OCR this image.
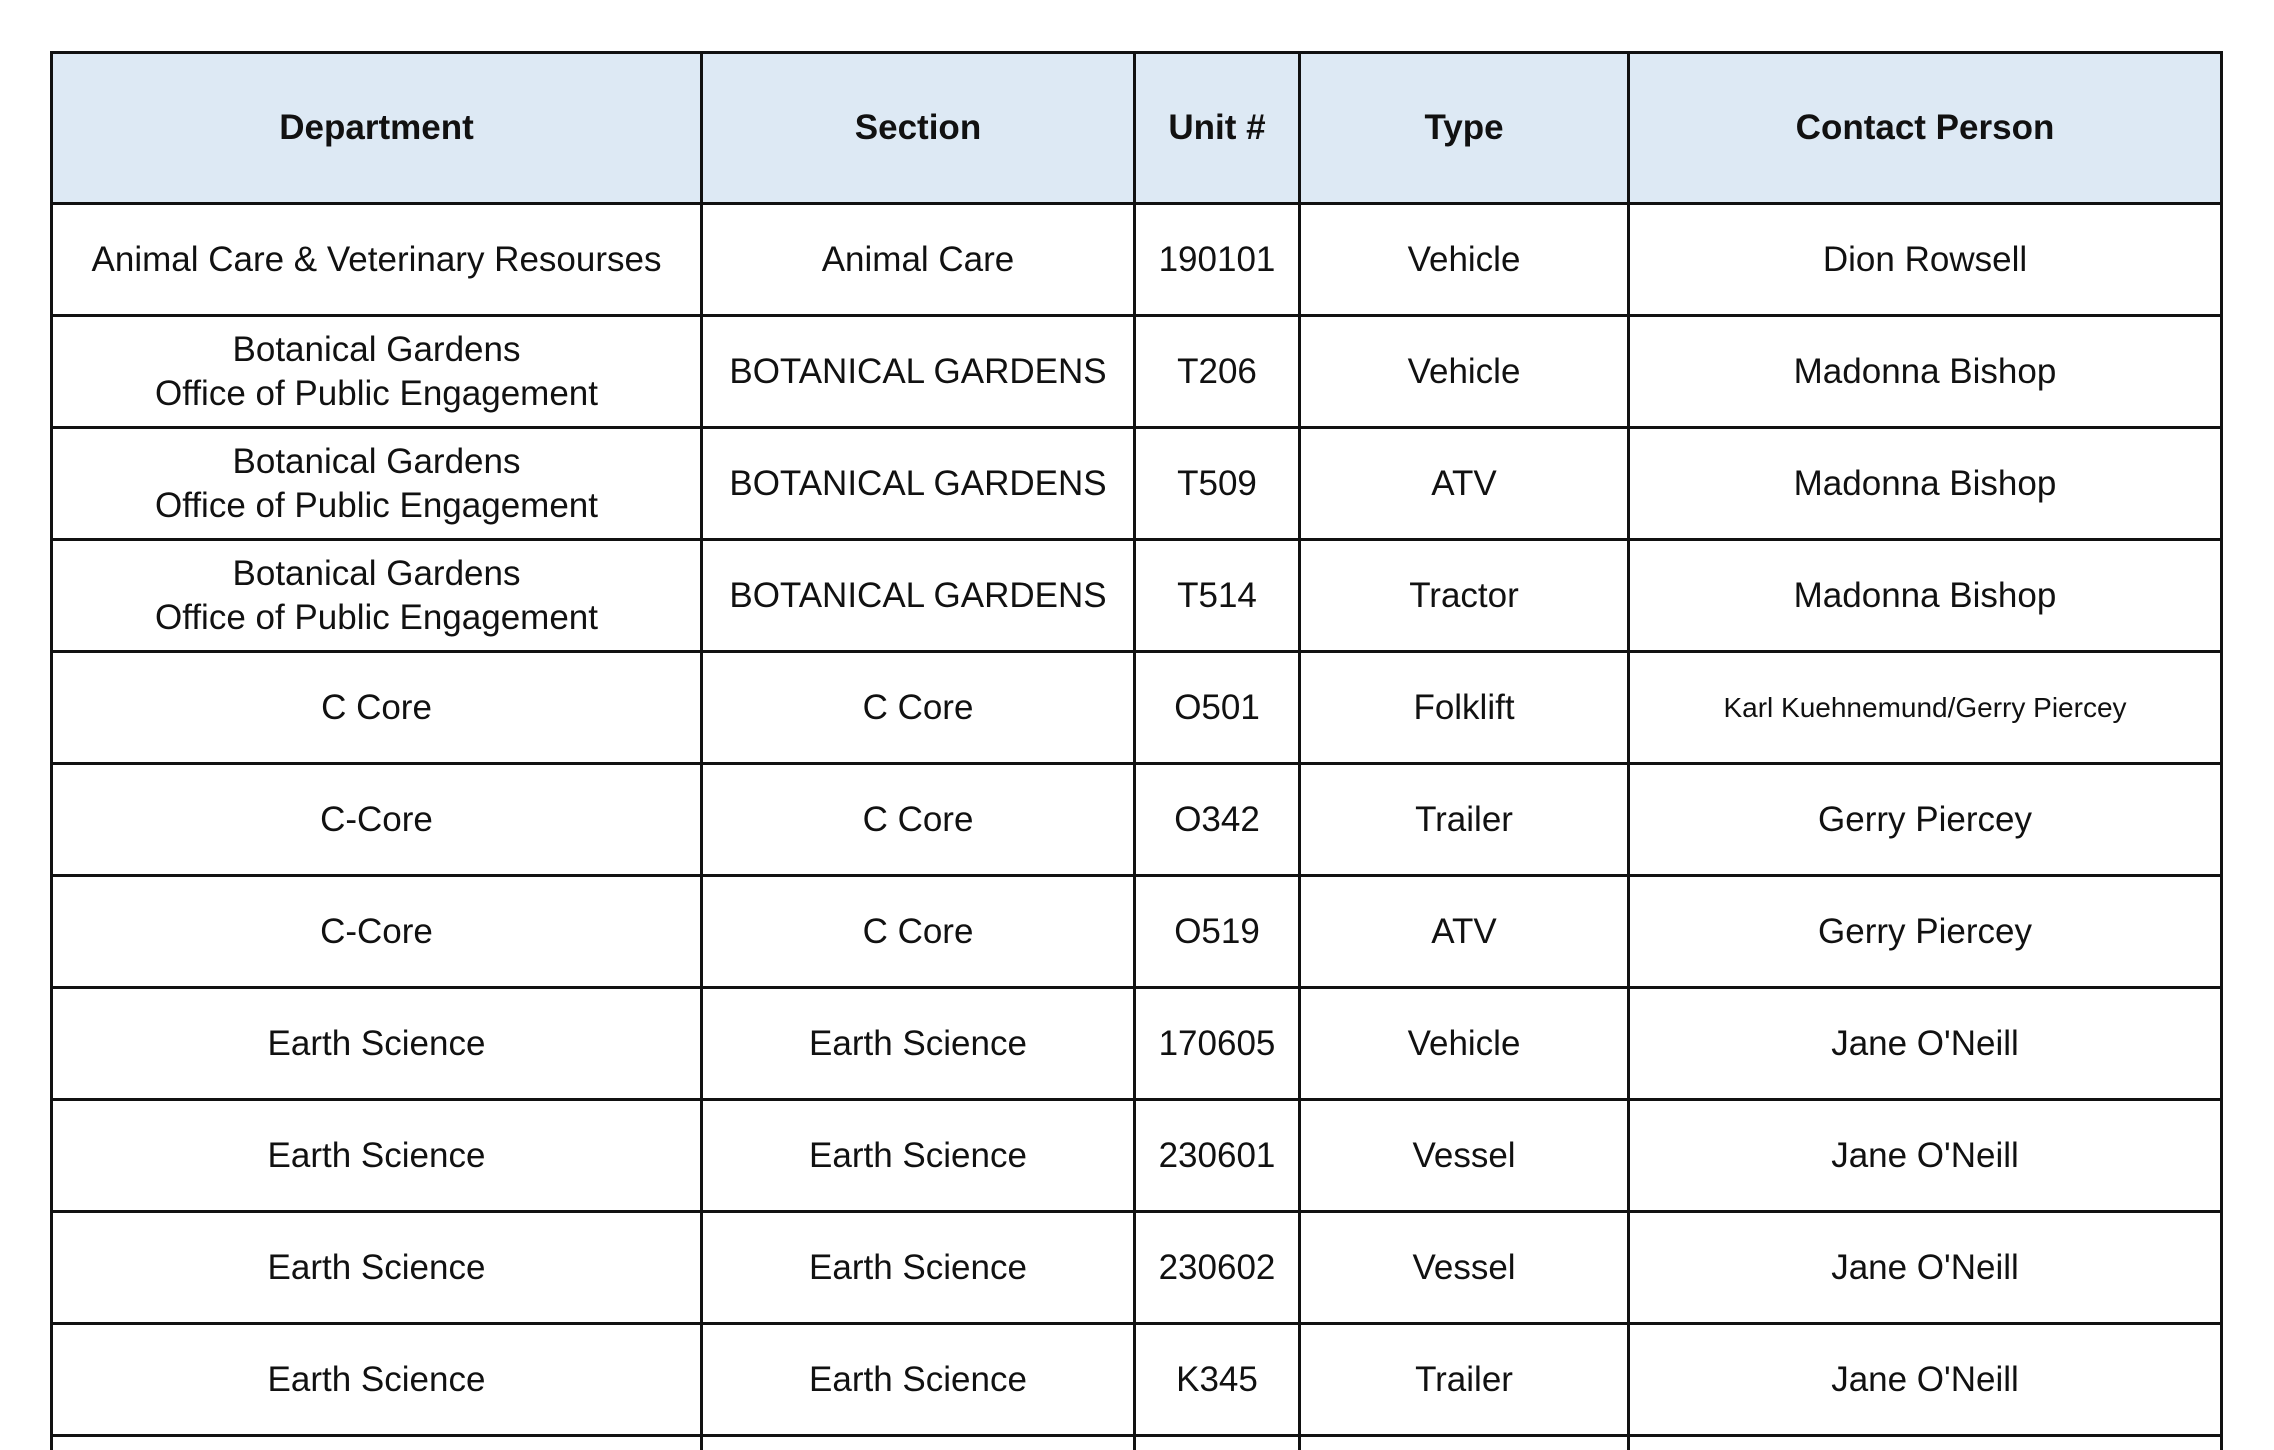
Department	Section	Unit #	Type	Contact Person

Animal Care & Veterinary Resourses	Animal Care	190101	Vehicle	Dion Rowsell

Botanical Gardens
Office of Public Engagement	BOTANICAL GARDENS	T206	Vehicle	Madonna Bishop

Botanical Gardens
Office of Public Engagement	BOTANICAL GARDENS	T509	ATV	Madonna Bishop

Botanical Gardens
Office of Public Engagement	BOTANICAL GARDENS	T514	Tractor	Madonna Bishop

C Core	C Core	O501	Folklift	Karl Kuehnemund/Gerry Piercey

C-Core	C Core	O342	Trailer	Gerry Piercey

C-Core	C Core	O519	ATV	Gerry Piercey

Earth Science	Earth Science	170605	Vehicle	Jane O'Neill

Earth Science	Earth Science	230601	Vessel	Jane O'Neill

Earth Science	Earth Science	230602	Vessel	Jane O'Neill

Earth Science	Earth Science	K345	Trailer	Jane O'Neill
